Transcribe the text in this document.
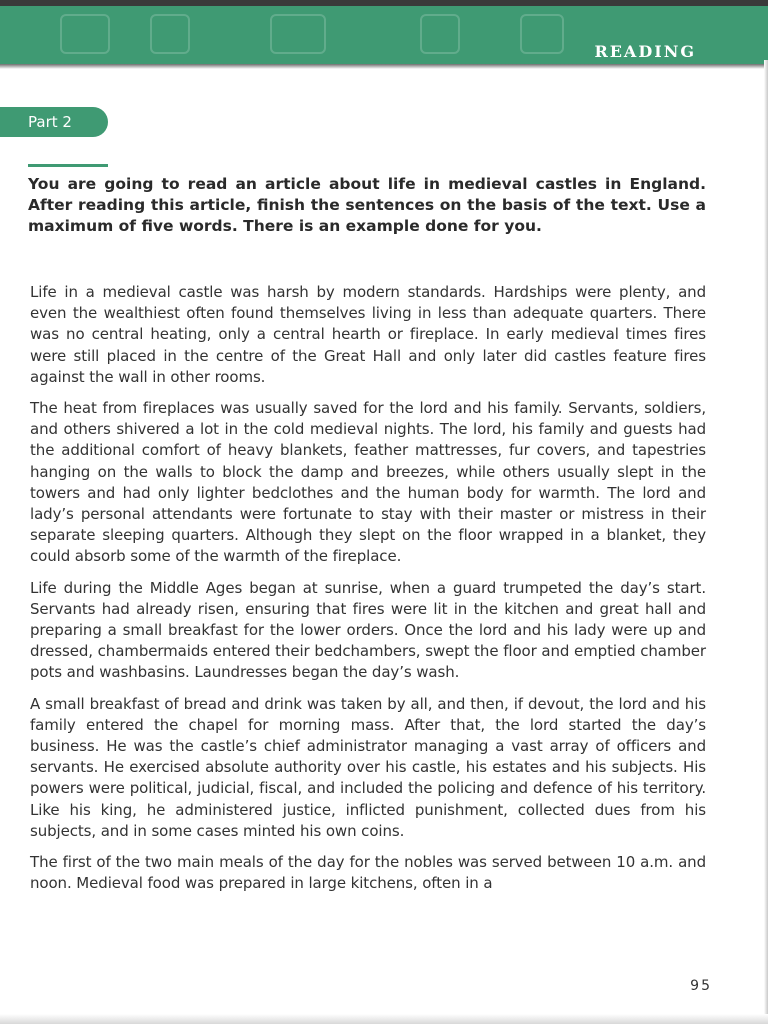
READING
Part 2
You are going to read an article about life in medieval castles in England. After reading this article, finish the sentences on the basis of the text. Use a maximum of five words. There is an example done for you.

Life in a medieval castle was harsh by modern standards. Hardships were plenty, and even the wealthiest often found themselves living in less than adequate quarters. There was no central heating, only a central hearth or fireplace. In early medieval times fires were still placed in the centre of the Great Hall and only later did castles feature fires against the wall in other rooms.

The heat from fireplaces was usually saved for the lord and his family. Servants, soldiers, and others shivered a lot in the cold medieval nights. The lord, his family and guests had the additional comfort of heavy blankets, feather mattresses, fur covers, and tapestries hanging on the walls to block the damp and breezes, while others usually slept in the towers and had only lighter bedclothes and the human body for warmth. The lord and lady’s personal attendants were fortunate to stay with their master or mistress in their separate sleeping quarters. Although they slept on the floor wrapped in a blanket, they could absorb some of the warmth of the fireplace.

Life during the Middle Ages began at sunrise, when a guard trumpeted the day’s start. Servants had already risen, ensuring that fires were lit in the kitchen and great hall and preparing a small breakfast for the lower orders. Once the lord and his lady were up and dressed, chambermaids entered their bedchambers, swept the floor and emptied chamber pots and washbasins. Laundresses began the day’s wash.

A small breakfast of bread and drink was taken by all, and then, if devout, the lord and his family entered the chapel for morning mass. After that, the lord started the day’s business. He was the castle’s chief administrator managing a vast array of officers and servants. He exercised absolute authority over his castle, his estates and his subjects. His powers were political, judicial, fiscal, and included the policing and defence of his territory. Like his king, he administered justice, inflicted punishment, collected dues from his subjects, and in some cases minted his own coins.

The first of the two main meals of the day for the nobles was served between 10 a.m. and noon. Medieval food was prepared in large kitchens, often in a

95
